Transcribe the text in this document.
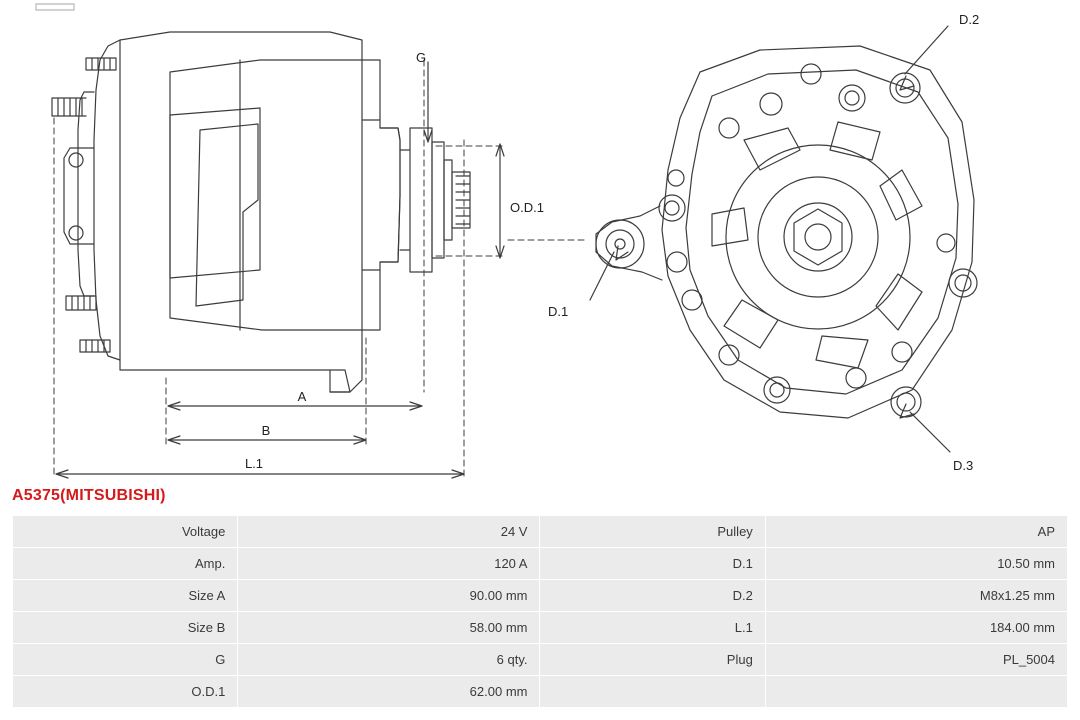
G
O.D.1
A
B
L.1
D.2
D.1
D.3
A5375(MITSUBISHI)
Voltage	24 V	Pulley	AP
Amp.	120 A	D.1	10.50 mm
Size A	90.00 mm	D.2	M8x1.25 mm
Size B	58.00 mm	L.1	184.00 mm
G	6 qty.	Plug	PL_5004
O.D.1	62.00 mm		
